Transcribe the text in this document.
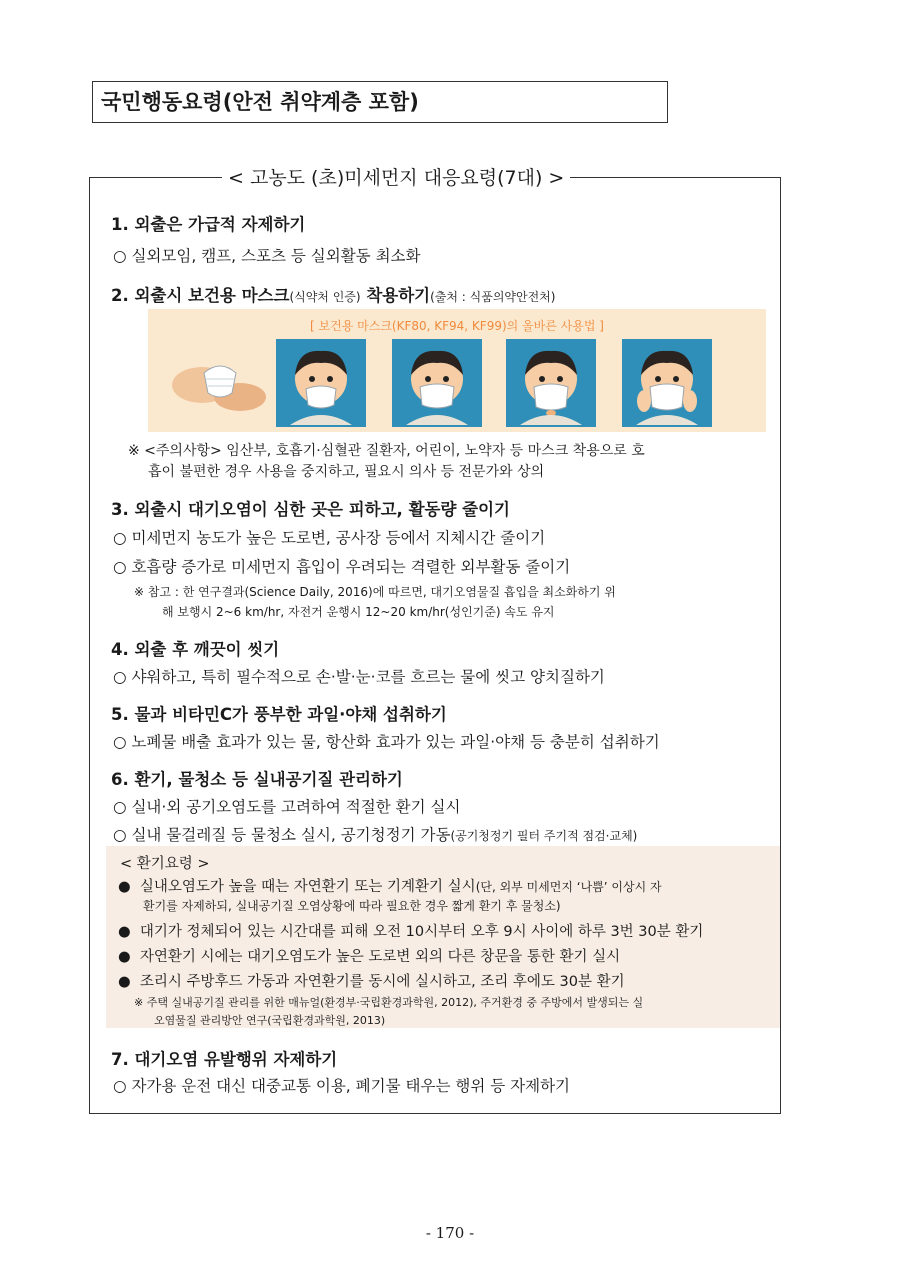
국민행동요령(안전 취약계층 포함)
< 고농도 (초)미세먼지 대응요령(7대) >
1. 외출은 가급적 자제하기
○ 실외모임, 캠프, 스포츠 등 실외활동 최소화
2. 외출시 보건용 마스크(식약처 인증) 착용하기(출처 : 식품의약안전처)
[ 보건용 마스크(KF80, KF94, KF99)의 올바른 사용법 ]
※ <주의사항> 임산부, 호흡기·심혈관 질환자, 어린이, 노약자 등 마스크 착용으로 호
흡이 불편한 경우 사용을 중지하고, 필요시 의사 등 전문가와 상의
3. 외출시 대기오염이 심한 곳은 피하고, 활동량 줄이기
○ 미세먼지 농도가 높은 도로변, 공사장 등에서 지체시간 줄이기
○ 호흡량 증가로 미세먼지 흡입이 우려되는 격렬한 외부활동 줄이기
※ 참고 : 한 연구결과(Science Daily, 2016)에 따르면, 대기오염물질 흡입을 최소화하기 위
해 보행시 2~6 km/hr, 자전거 운행시 12~20 km/hr(성인기준) 속도 유지
4. 외출 후 깨끗이 씻기
○ 샤워하고, 특히 필수적으로 손·발·눈·코를 흐르는 물에 씻고 양치질하기
5. 물과 비타민C가 풍부한 과일·야채 섭취하기
○ 노폐물 배출 효과가 있는 물, 항산화 효과가 있는 과일·야채 등 충분히 섭취하기
6. 환기, 물청소 등 실내공기질 관리하기
○ 실내·외 공기오염도를 고려하여 적절한 환기 실시
○ 실내 물걸레질 등 물청소 실시, 공기청정기 가동(공기청정기 필터 주기적 점검·교체)
< 환기요령 >
●  실내오염도가 높을 때는 자연환기 또는 기계환기 실시(단, 외부 미세먼지 ‘나쁨’ 이상시 자
환기를 자제하되, 실내공기질 오염상황에 따라 필요한 경우 짧게 환기 후 물청소)
●  대기가 정체되어 있는 시간대를 피해 오전 10시부터 오후 9시 사이에 하루 3번 30분 환기
●  자연환기 시에는 대기오염도가 높은 도로변 외의 다른 창문을 통한 환기 실시
●  조리시 주방후드 가동과 자연환기를 동시에 실시하고, 조리 후에도 30분 환기
※ 주택 실내공기질 관리를 위한 매뉴얼(환경부·국립환경과학원, 2012), 주거환경 중 주방에서 발생되는 실
오염물질 관리방안 연구(국립환경과학원, 2013)
7. 대기오염 유발행위 자제하기
○ 자가용 운전 대신 대중교통 이용, 폐기물 태우는 행위 등 자제하기
- 170 -
